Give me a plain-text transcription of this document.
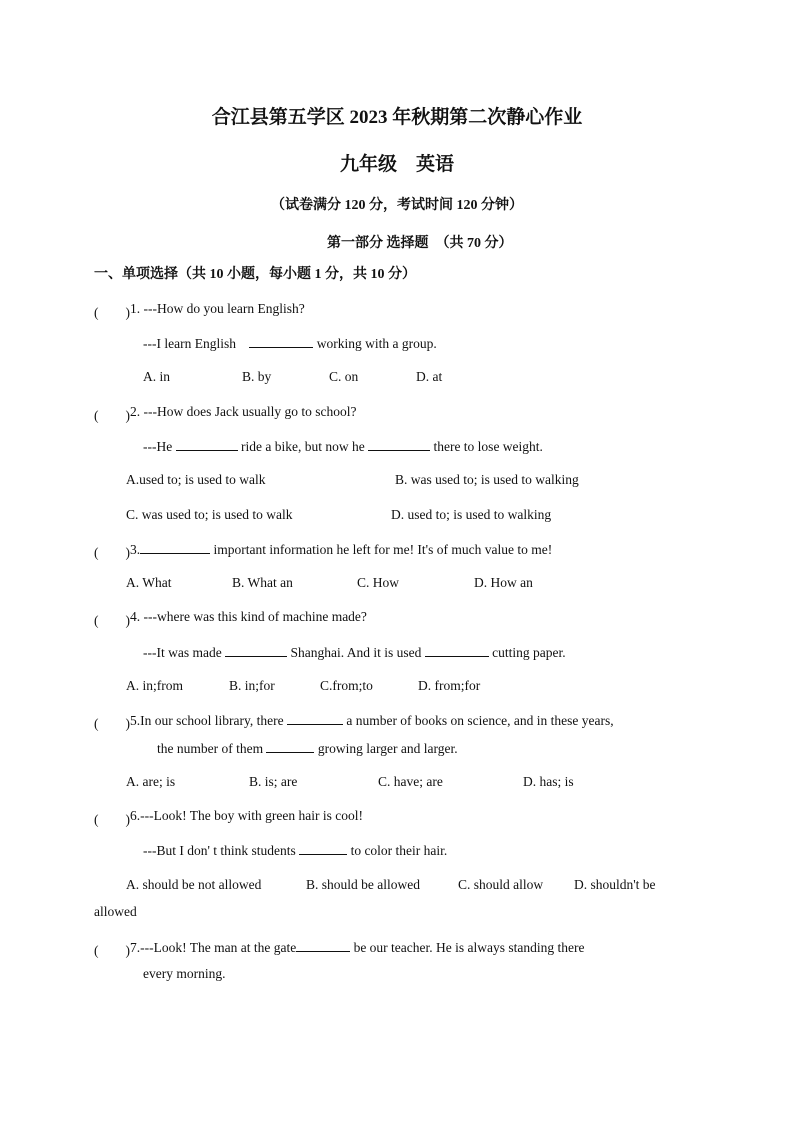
合江县第五学区 2023 年秋期第二次静心作业
九年级　英语
（试卷满分 120 分，考试时间 120 分钟）
第一部分 选择题　（共 70 分）
一、单项选择（共 10 小题，每小题 1 分，共 10 分）
(　　) 1. ---How do you learn English?
---I learn English	working with a group.
A. in	B. by	C. on	D. at
(　　) 2. ---How does Jack usually go to school?
---He	ride a bike, but now he	there to lose weight.
A.used to; is used to walk	B. was used to; is used to walking
C. was used to; is used to walk	D. used to; is used to walking
(　　) 3.	important information he left for me! It's of much value to me!
A. What	B. What an	C. How	D. How an
(　　) 4. ---where was this kind of machine made?
---It was made	Shanghai. And it is used	cutting paper.
A. in;from	B. in;for	C.from;to	D. from;for
(　　) 5.In our school library, there	a number of books on science, and in these years,
the number of them	growing larger and larger.
A. are; is	B. is; are	C. have; are	D. has; is
(　　) 6.---Look! The boy with green hair is cool!
---But I don' t think students	to color their hair.
A. should be not allowed	B. should be allowed	C. should allow D. shouldn't be
allowed
(　　) 7.---Look! The man at the gate	be our teacher. He is always standing there
every morning.
